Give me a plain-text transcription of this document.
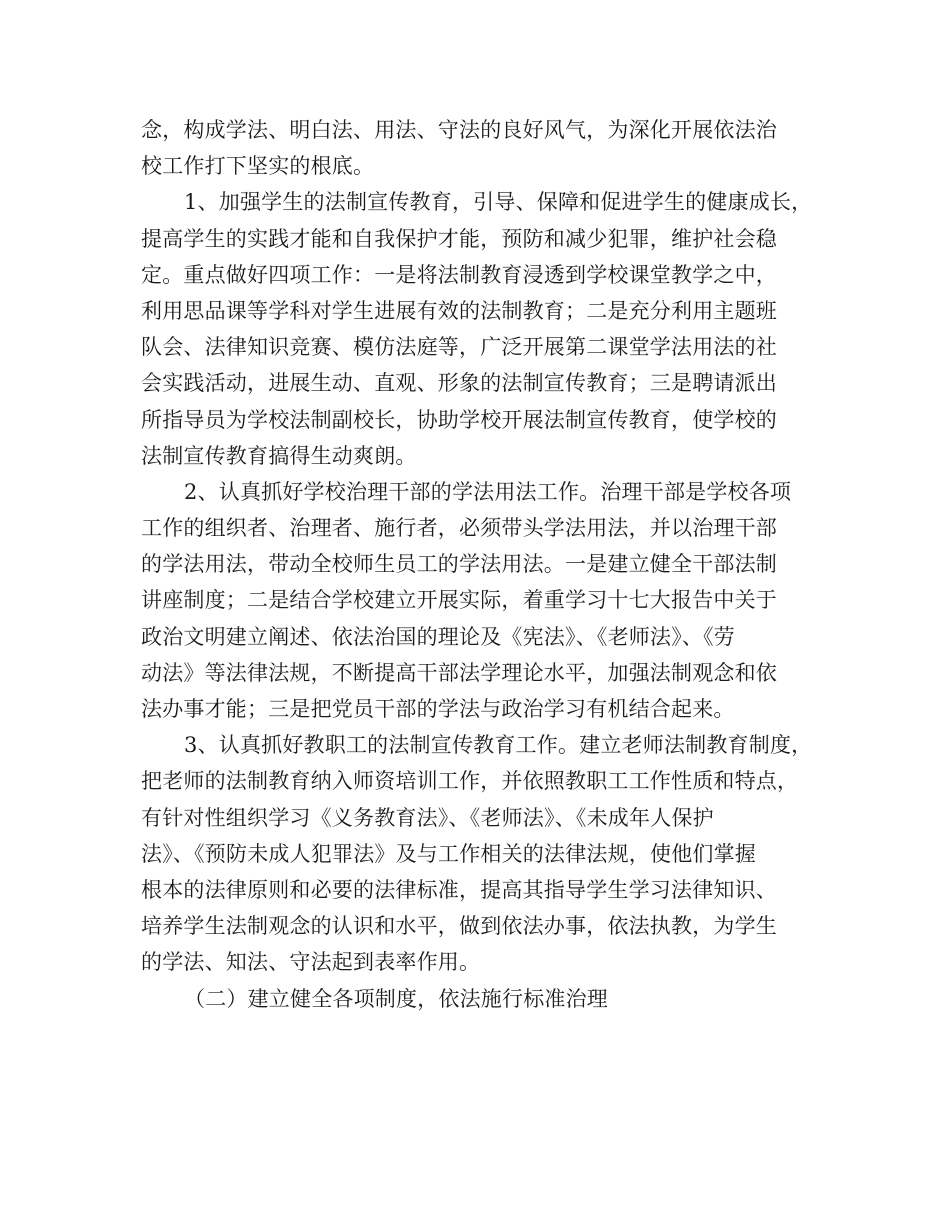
念，构成学法、明白法、用法、守法的良好风气，为深化开展依法治
校工作打下坚实的根底。
1、加强学生的法制宣传教育，引导、保障和促进学生的健康成长，
提高学生的实践才能和自我保护才能，预防和减少犯罪，维护社会稳
定。重点做好四项工作：一是将法制教育浸透到学校课堂教学之中，
利用思品课等学科对学生进展有效的法制教育；二是充分利用主题班
队会、法律知识竞赛、模仿法庭等，广泛开展第二课堂学法用法的社
会实践活动，进展生动、直观、形象的法制宣传教育；三是聘请派出
所指导员为学校法制副校长，协助学校开展法制宣传教育，使学校的
法制宣传教育搞得生动爽朗。
2、认真抓好学校治理干部的学法用法工作。治理干部是学校各项
工作的组织者、治理者、施行者，必须带头学法用法，并以治理干部
的学法用法，带动全校师生员工的学法用法。一是建立健全干部法制
讲座制度；二是结合学校建立开展实际，着重学习十七大报告中关于
政治文明建立阐述、依法治国的理论及《宪法》、《老师法》、《劳
动法》等法律法规，不断提高干部法学理论水平，加强法制观念和依
法办事才能；三是把党员干部的学法与政治学习有机结合起来。
3、认真抓好教职工的法制宣传教育工作。建立老师法制教育制度，
把老师的法制教育纳入师资培训工作，并依照教职工工作性质和特点，
有针对性组织学习《义务教育法》、《老师法》、《未成年人保护
法》、《预防未成人犯罪法》及与工作相关的法律法规，使他们掌握
根本的法律原则和必要的法律标准，提高其指导学生学习法律知识、
培养学生法制观念的认识和水平，做到依法办事，依法执教，为学生
的学法、知法、守法起到表率作用。
（二）建立健全各项制度，依法施行标准治理
